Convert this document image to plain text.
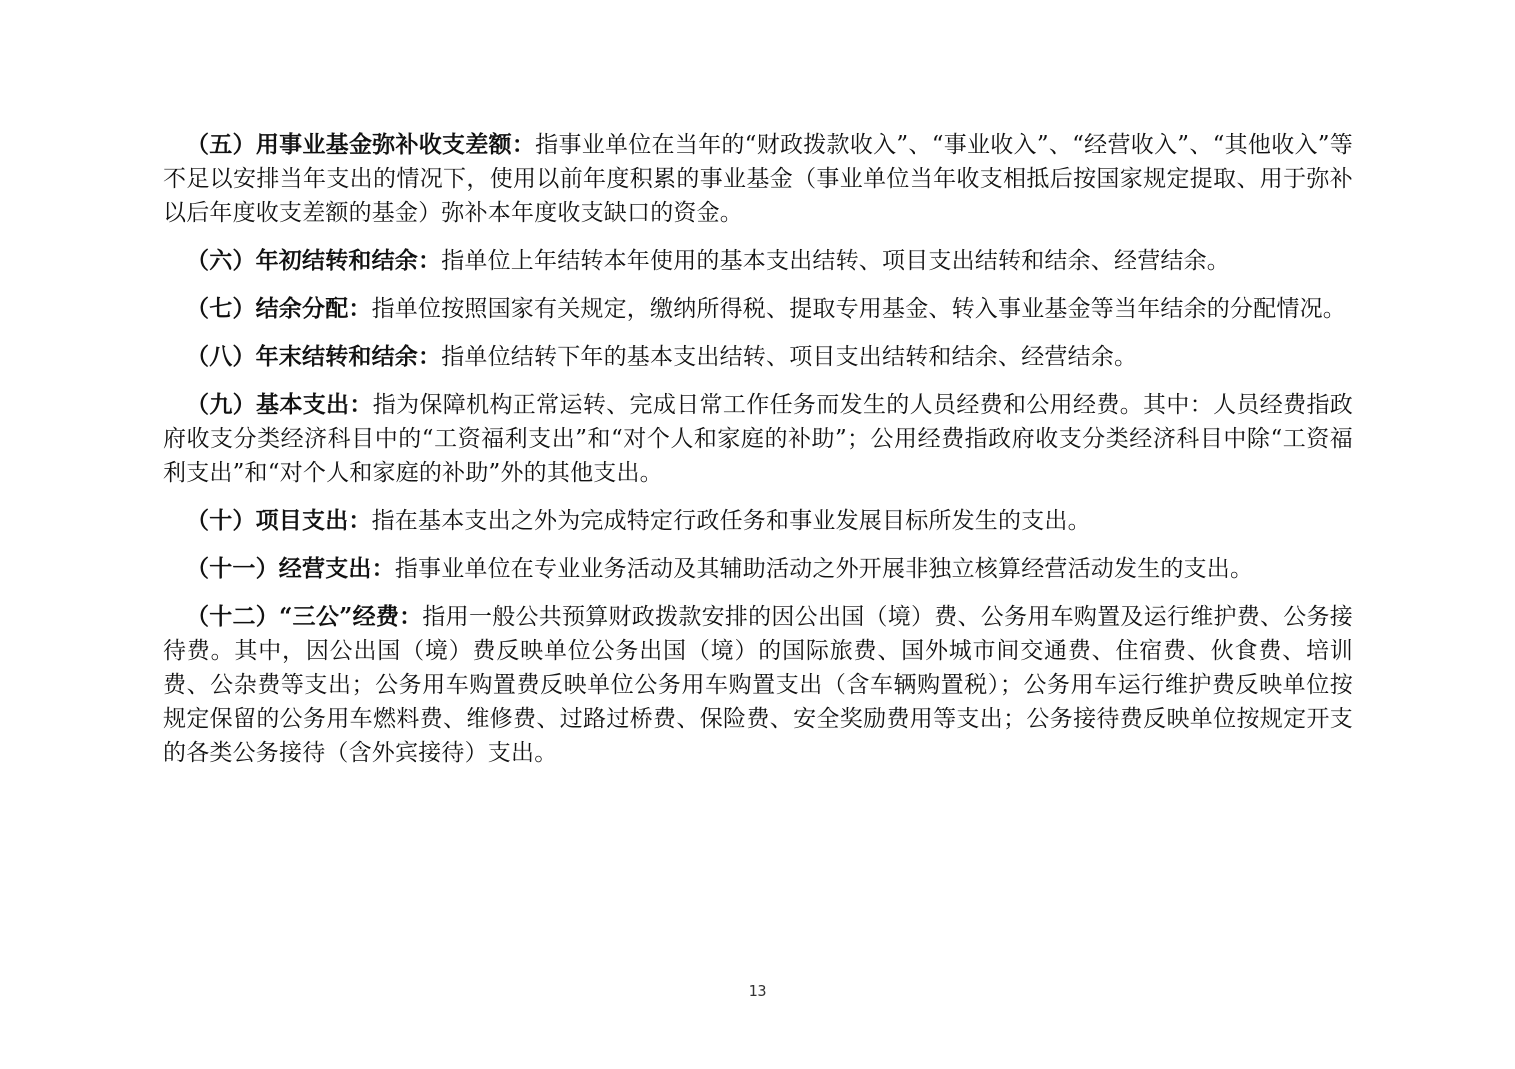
（五）用事业基金弥补收支差额：指事业单位在当年的“财政拨款收入”、“事业收入”、“经营收入”、“其他收入”等不足以安排当年支出的情况下，使用以前年度积累的事业基金（事业单位当年收支相抵后按国家规定提取、用于弥补以后年度收支差额的基金）弥补本年度收支缺口的资金。

（六）年初结转和结余：指单位上年结转本年使用的基本支出结转、项目支出结转和结余、经营结余。

（七）结余分配：指单位按照国家有关规定，缴纳所得税、提取专用基金、转入事业基金等当年结余的分配情况。

（八）年末结转和结余：指单位结转下年的基本支出结转、项目支出结转和结余、经营结余。

（九）基本支出：指为保障机构正常运转、完成日常工作任务而发生的人员经费和公用经费。其中：人员经费指政府收支分类经济科目中的“工资福利支出”和“对个人和家庭的补助”；公用经费指政府收支分类经济科目中除“工资福利支出”和“对个人和家庭的补助”外的其他支出。

（十）项目支出：指在基本支出之外为完成特定行政任务和事业发展目标所发生的支出。

（十一）经营支出：指事业单位在专业业务活动及其辅助活动之外开展非独立核算经营活动发生的支出。

（十二）“三公”经费：指用一般公共预算财政拨款安排的因公出国（境）费、公务用车购置及运行维护费、公务接待费。其中，因公出国（境）费反映单位公务出国（境）的国际旅费、国外城市间交通费、住宿费、伙食费、培训费、公杂费等支出；公务用车购置费反映单位公务用车购置支出（含车辆购置税）；公务用车运行维护费反映单位按规定保留的公务用车燃料费、维修费、过路过桥费、保险费、安全奖励费用等支出；公务接待费反映单位按规定开支的各类公务接待（含外宾接待）支出。

13
